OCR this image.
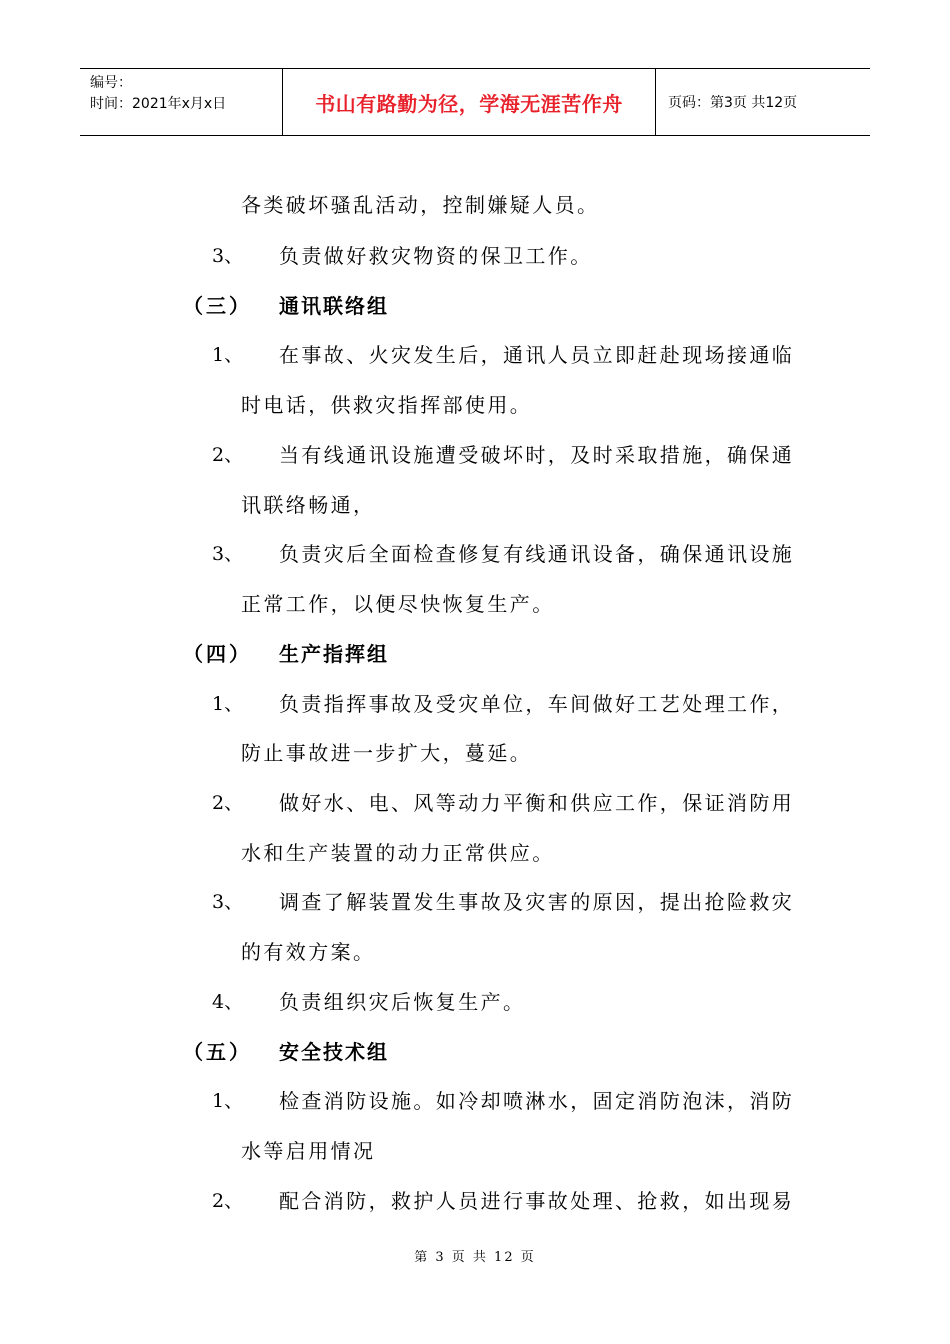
编号：
时间：2021年x月x日	书山有路勤为径，学海无涯苦作舟	页码：第3页 共12页
各类破坏骚乱活动，控制嫌疑人员。
3、 负责做好救灾物资的保卫工作。
（三） 通讯联络组
1、 在事故、火灾发生后，通讯人员立即赶赴现场接通临
时电话，供救灾指挥部使用。
2、 当有线通讯设施遭受破坏时，及时采取措施，确保通
讯联络畅通，
3、 负责灾后全面检查修复有线通讯设备，确保通讯设施
正常工作，以便尽快恢复生产。
（四） 生产指挥组
1、 负责指挥事故及受灾单位，车间做好工艺处理工作，
防止事故进一步扩大，蔓延。
2、 做好水、电、风等动力平衡和供应工作，保证消防用
水和生产装置的动力正常供应。
3、 调查了解装置发生事故及灾害的原因，提出抢险救灾
的有效方案。
4、 负责组织灾后恢复生产。
（五） 安全技术组
1、 检查消防设施。如冷却喷淋水，固定消防泡沫，消防
水等启用情况
2、 配合消防，救护人员进行事故处理、抢救，如出现易
第 3 页 共 12 页
